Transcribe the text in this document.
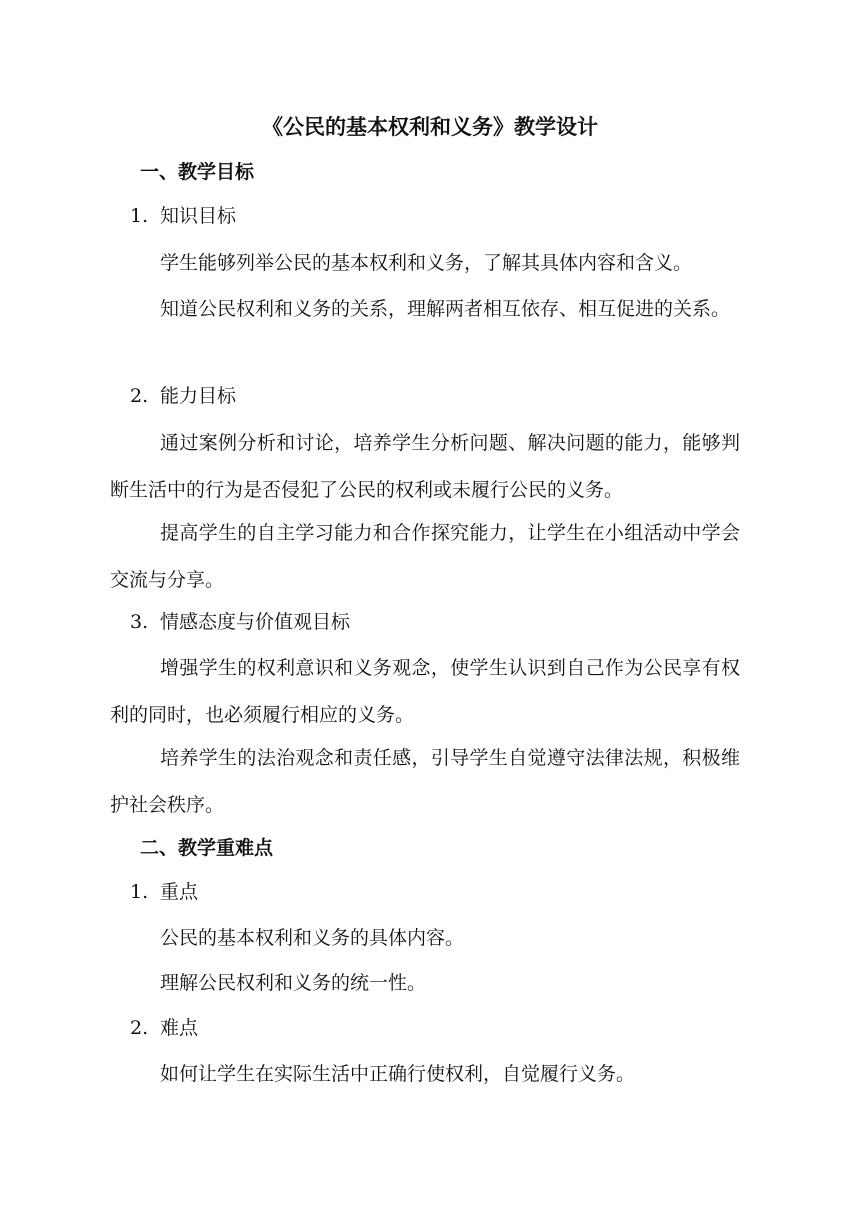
《公民的基本权利和义务》教学设计
一、教学目标
1. 知识目标

学生能够列举公民的基本权利和义务，了解其具体内容和含义。

知道公民权利和义务的关系，理解两者相互依存、相互促进的关系。

2. 能力目标

通过案例分析和讨论，培养学生分析问题、解决问题的能力，能够判断生活中的行为是否侵犯了公民的权利或未履行公民的义务。

提高学生的自主学习能力和合作探究能力，让学生在小组活动中学会交流与分享。

3. 情感态度与价值观目标

增强学生的权利意识和义务观念，使学生认识到自己作为公民享有权利的同时，也必须履行相应的义务。

培养学生的法治观念和责任感，引导学生自觉遵守法律法规，积极维护社会秩序。

二、教学重难点
1. 重点

公民的基本权利和义务的具体内容。

理解公民权利和义务的统一性。

2. 难点

如何让学生在实际生活中正确行使权利，自觉履行义务。
